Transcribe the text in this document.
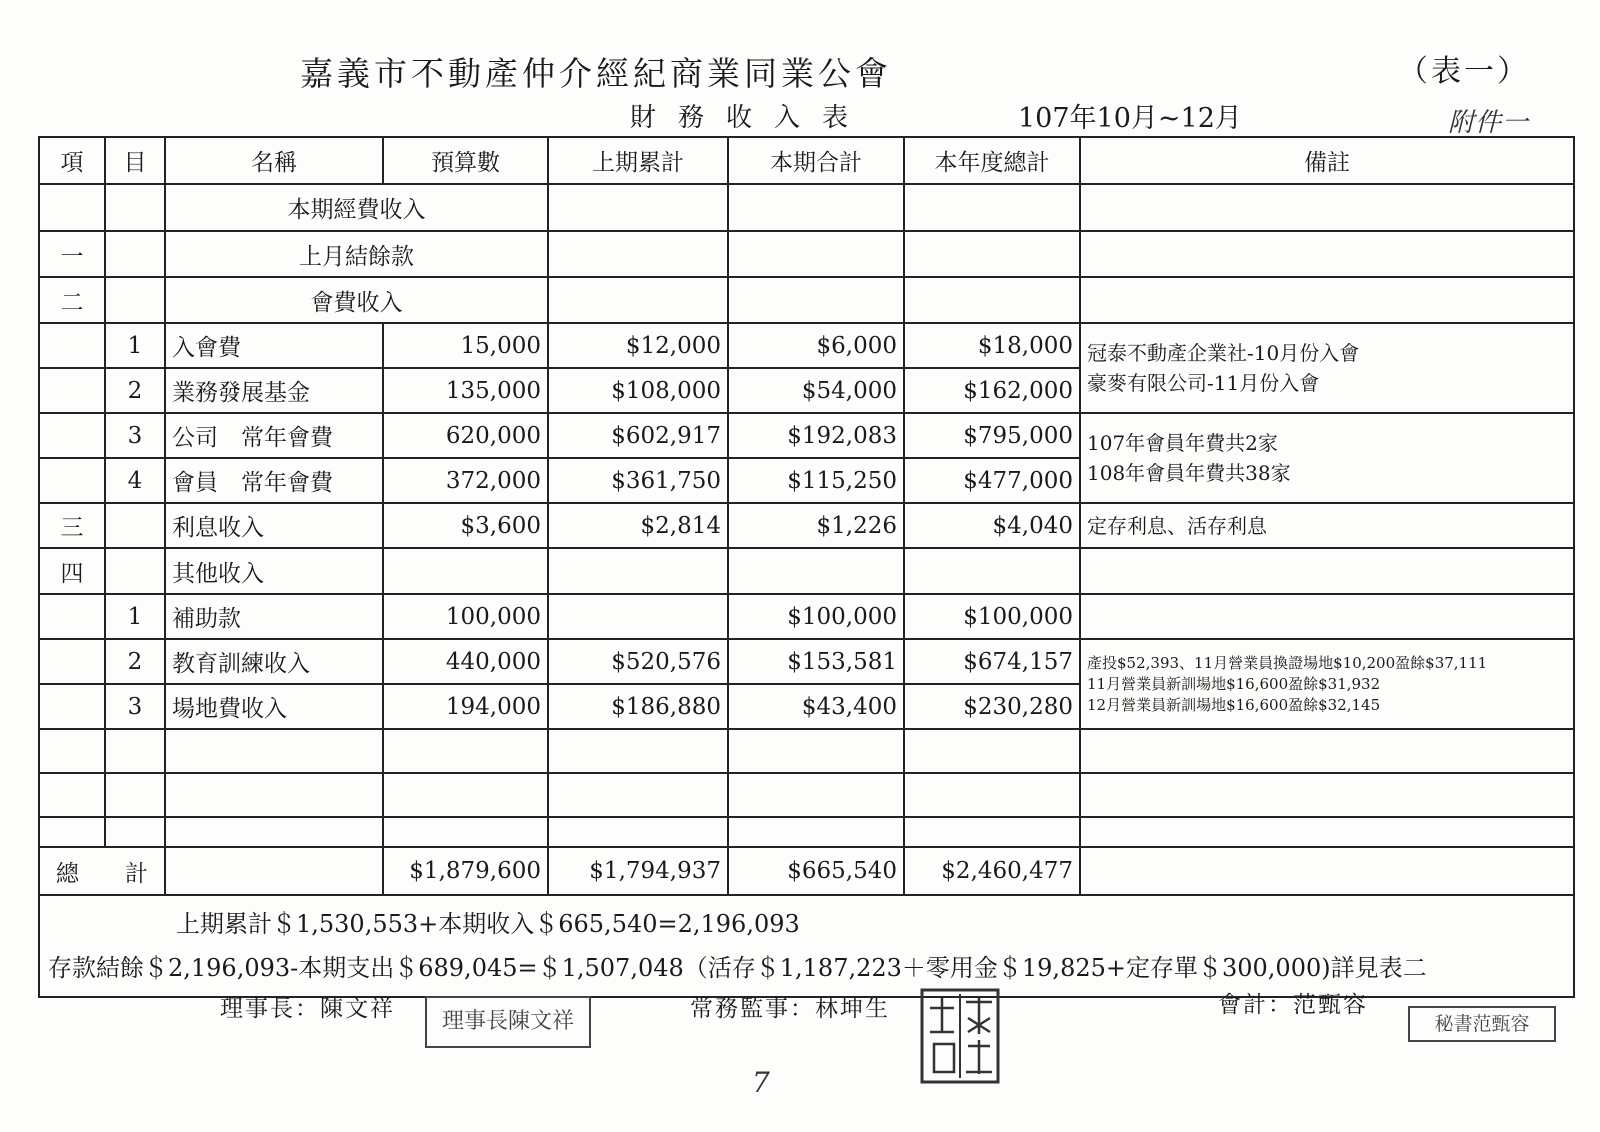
嘉義市不動產仲介經紀商業同業公會	（表一）
財務收入表	107年10月~12月	附件一
項	目	名稱	預算數	上期累計	本期合計	本年度總計	備註
		本期經費收入					
一		上月結餘款					
二		會費收入					
	1	入會費	15,000	$12,000	$6,000	$18,000	冠泰不動產企業社-10月份入會
豪麥有限公司-11月份入會

	2	業務發展基金	135,000	$108,000	$54,000	$162,000	
	3	公司　常年會費	620,000	$602,917	$192,083	$795,000	107年會員年費共2家
108年會員年費共38家

	4	會員　常年會費	372,000	$361,750	$115,250	$477,000	
三		利息收入	$3,600	$2,814	$1,226	$4,040	定存利息、活存利息
四		其他收入					
	1	補助款	100,000		$100,000	$100,000	
	2	教育訓練收入	440,000	$520,576	$153,581	$674,157	產投$52,393、11月營業員換證場地$10,200盈餘$37,111
11月營業員新訓場地$16,600盈餘$31,932
12月營業員新訓場地$16,600盈餘$32,145

	3	場地費收入	194,000	$186,880	$43,400	$230,280	

總　　計			$1,879,600	$1,794,937	$665,540	$2,460,477	

上期累計＄1,530,553+本期收入＄665,540=2,196,093
存款結餘＄2,196,093-本期支出＄689,045=＄1,507,048（活存＄1,187,223＋零用金＄19,825+定存單＄300,000)詳見表二							
理事長：陳文祥	理事長陳文祥	常務監事：林坤生	會計：范甄容
秘書范甄容
7
